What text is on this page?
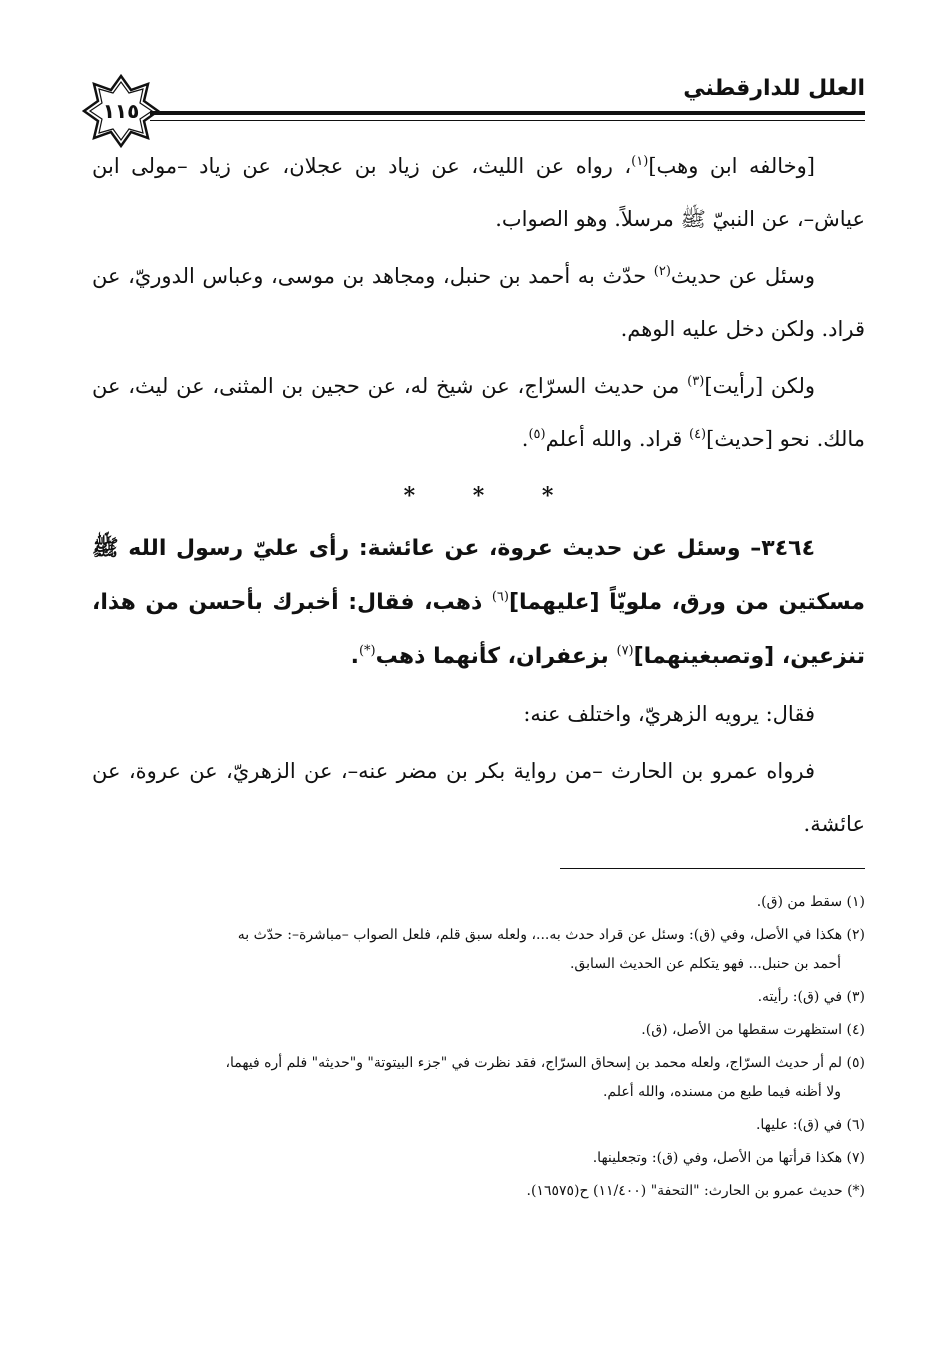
العلل للدارقطني
١١٥

[وخالفه ابن وهب]$^{(١)}$، رواه عن الليث، عن زياد بن عجلان، عن زياد –مولى ابن عياش–، عن النبيّ ﷺ مرسلاً. وهو الصواب.

وسئل عن حديث$^{(٢)}$ حدّث به أحمد بن حنبل، ومجاهد بن موسى، وعباس الدوريّ، عن قراد. ولكن دخل عليه الوهم.

ولكن [رأيت]$^{(٣)}$ من حديث السرّاج، عن شيخ له، عن حجين بن المثنى، عن ليث، عن مالك. نحو [حديث]$^{(٤)}$ قراد. والله أعلم$^{(٥)}$.

* * *

٣٤٦٤– وسئل عن حديث عروة، عن عائشة: رأى عليّ رسول الله ﷺ مسكتين من ورق، ملويّاً [عليهما]$^{(٦)}$ ذهب، فقال: أخبرك بأحسن من هذا، تنزعين، [وتصبغينهما]$^{(٧)}$ بزعفران، كأنهما ذهب(*).

فقال: يرويه الزهريّ، واختلف عنه:

فرواه عمرو بن الحارث –من رواية بكر بن مضر عنه–، عن الزهريّ، عن عروة، عن عائشة.

(١) سقط من (ق).
(٢) هكذا في الأصل، وفي (ق): وسئل عن قراد حدث به...، ولعله سبق قلم، فلعل الصواب –مباشرة–: حدّث به
أحمد بن حنبل... فهو يتكلم عن الحديث السابق.
(٣) في (ق): رأيته.
(٤) استظهرت سقطها من الأصل، (ق).
(٥) لم أر حديث السرّاج، ولعله محمد بن إسحاق السرّاج، فقد نظرت في "جزء البيتوتة" و"حديثه" فلم أره فيهما،
ولا أظنه فيما طبع من مسنده، والله أعلم.
(٦) في (ق): عليها.
(٧) هكذا قرأتها من الأصل، وفي (ق): وتجعلينها.
(*) حديث عمرو بن الحارث: "التحفة" (١١/٤٠٠) ح(١٦٥٧٥).
